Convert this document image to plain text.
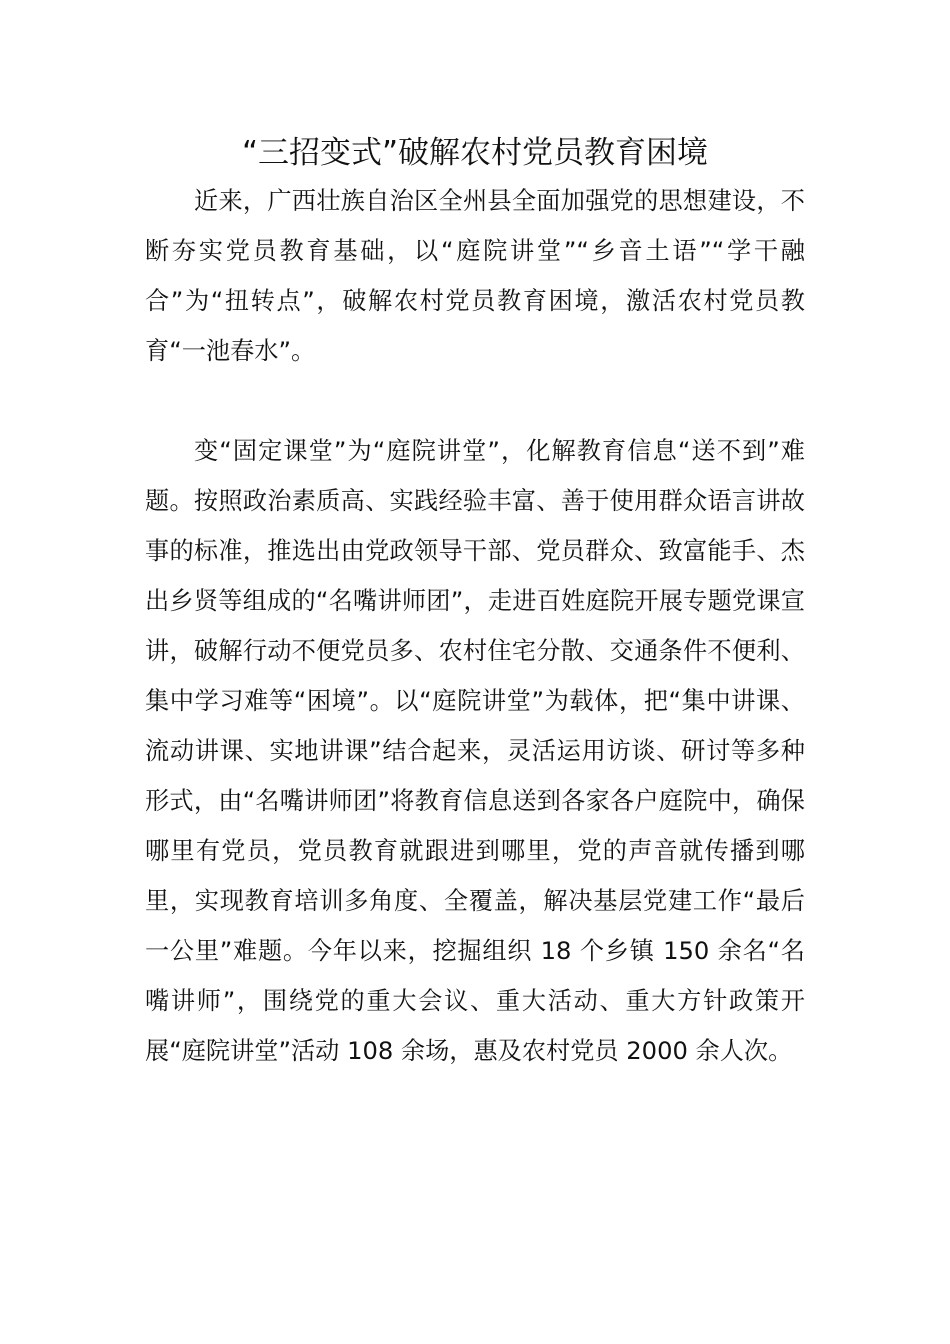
“三招变式”破解农村党员教育困境

近来，广西壮族自治区全州县全面加强党的思想建设，不断夯实党员教育基础，以“庭院讲堂”“乡音土语”“学干融合”为“扭转点”，破解农村党员教育困境，激活农村党员教育“一池春水”。

变“固定课堂”为“庭院讲堂”，化解教育信息“送不到”难题。按照政治素质高、实践经验丰富、善于使用群众语言讲故事的标准，推选出由党政领导干部、党员群众、致富能手、杰出乡贤等组成的“名嘴讲师团”，走进百姓庭院开展专题党课宣讲，破解行动不便党员多、农村住宅分散、交通条件不便利、集中学习难等“困境”。以“庭院讲堂”为载体，把“集中讲课、流动讲课、实地讲课”结合起来，灵活运用访谈、研讨等多种形式，由“名嘴讲师团”将教育信息送到各家各户庭院中，确保哪里有党员，党员教育就跟进到哪里，党的声音就传播到哪里，实现教育培训多角度、全覆盖，解决基层党建工作“最后一公里”难题。今年以来，挖掘组织 18 个乡镇 150 余名“名嘴讲师”，围绕党的重大会议、重大活动、重大方针政策开展“庭院讲堂”活动 108 余场，惠及农村党员 2000 余人次。
